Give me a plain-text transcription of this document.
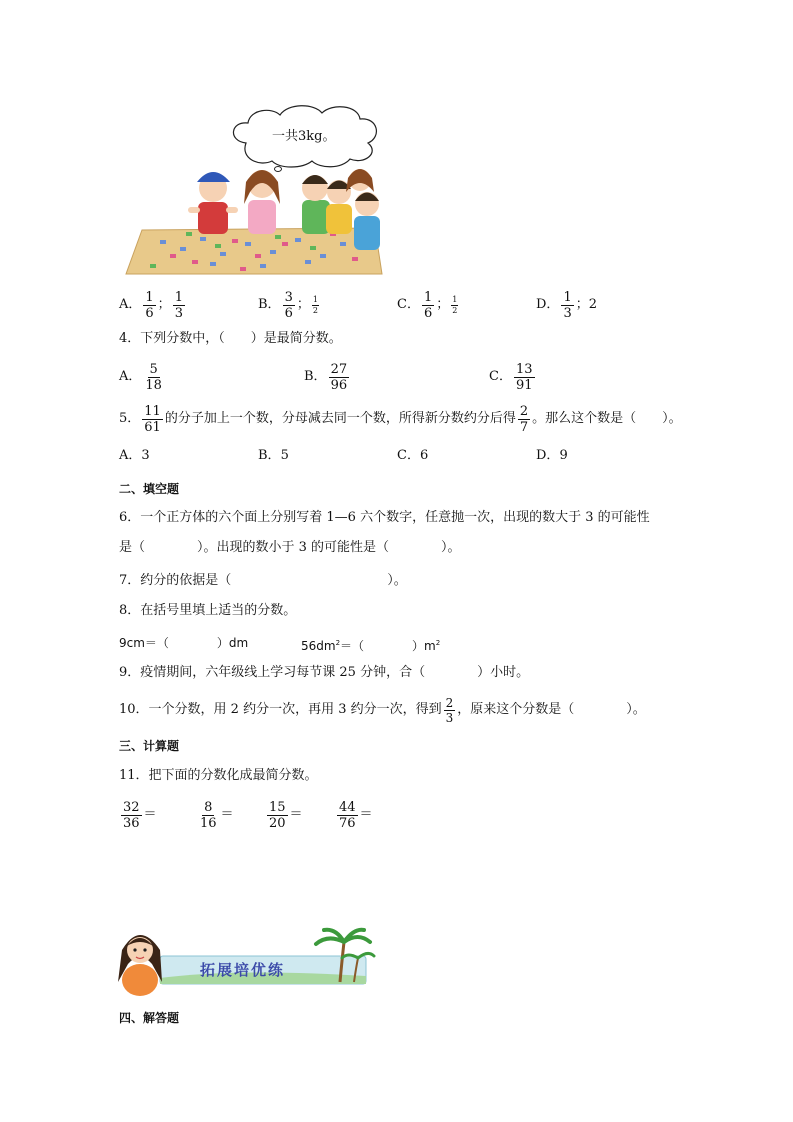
一共3kg。
A． $\frac{1}{6}$ ； $\frac{1}{3}$	B． $\frac{3}{6}$ ； $\frac{1}{2}$	C． $\frac{1}{6}$ ； $\frac{1}{2}$	D． $\frac{1}{3}$ ； 2
4．下列分数中，（　　）是最简分数。
A． $\frac{5}{18}$	B． $\frac{27}{96}$	C． $\frac{13}{91}$
5． $\frac{11}{61}$ 的分子加上一个数，分母减去同一个数，所得新分数约分后得 $\frac{2}{7}$ 。那么这个数是（　　）。
A．3	B．5	C．6	D．9
二、填空题
6．一个正方体的六个面上分别写着 1—6 六个数字，任意抛一次，出现的数大于 3 的可能性
是（　　　　）。出现的数小于 3 的可能性是（　　　　）。
7．约分的依据是（　　　　　　　　　　　　）。
8．在括号里填上适当的分数。
9cm＝（　　　　）dm	$56dm^2=$（　　　　）$m^2$
9．疫情期间，六年级线上学习每节课 25 分钟，合（　　　　）小时。
10．一个分数，用 2 约分一次，再用 3 约分一次，得到 $\frac{2}{3}$ ，原来这个分数是（　　　　）。
三、计算题
11．把下面的分数化成最简分数。
$\frac{32}{36}$ ＝	$\frac{8}{16}$ ＝	$\frac{15}{20}$ ＝	$\frac{44}{76}$ ＝
拓展培优练
四、解答题
